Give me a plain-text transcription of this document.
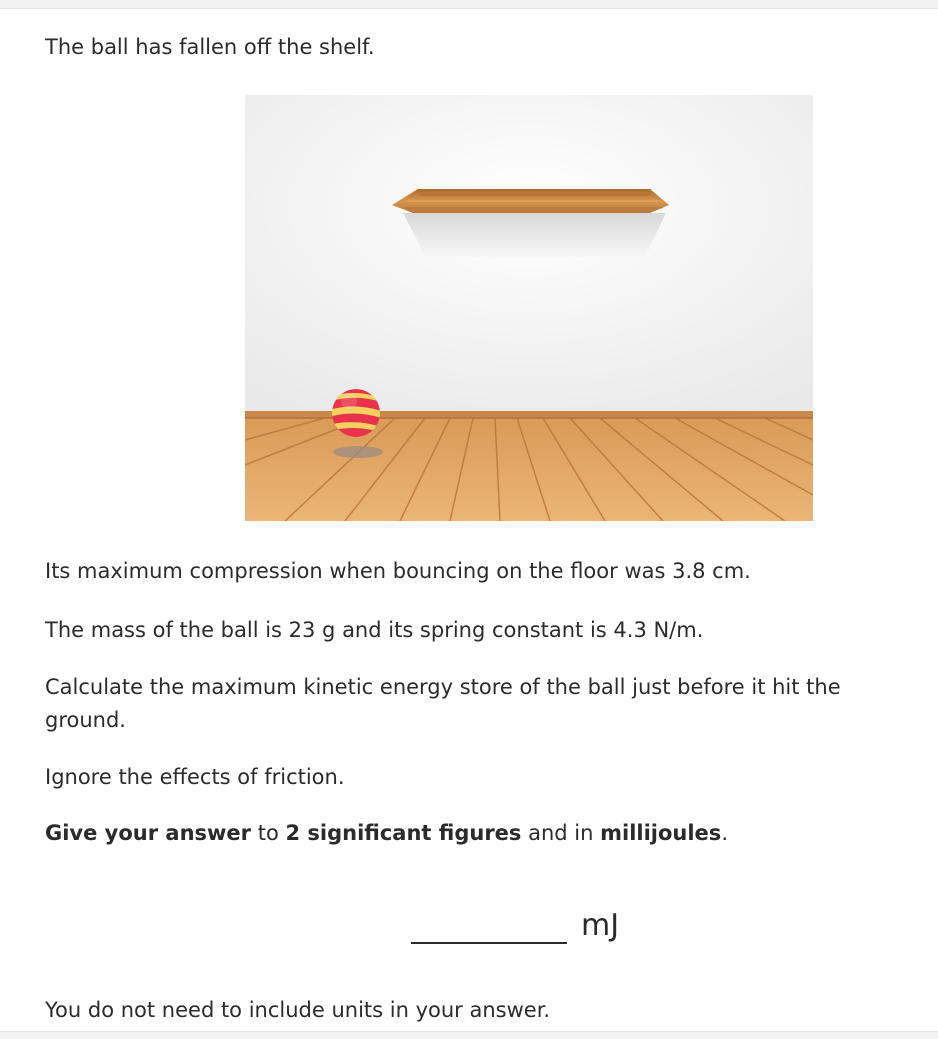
The ball has fallen off the shelf.

Its maximum compression when bouncing on the floor was 3.8 cm.

The mass of the ball is 23 g and its spring constant is 4.3 N/m.

Calculate the maximum kinetic energy store of the ball just before it hit the

ground.

Ignore the effects of friction.

Give your answer to 2 significant figures and in millijoules.

mJ

You do not need to include units in your answer.
